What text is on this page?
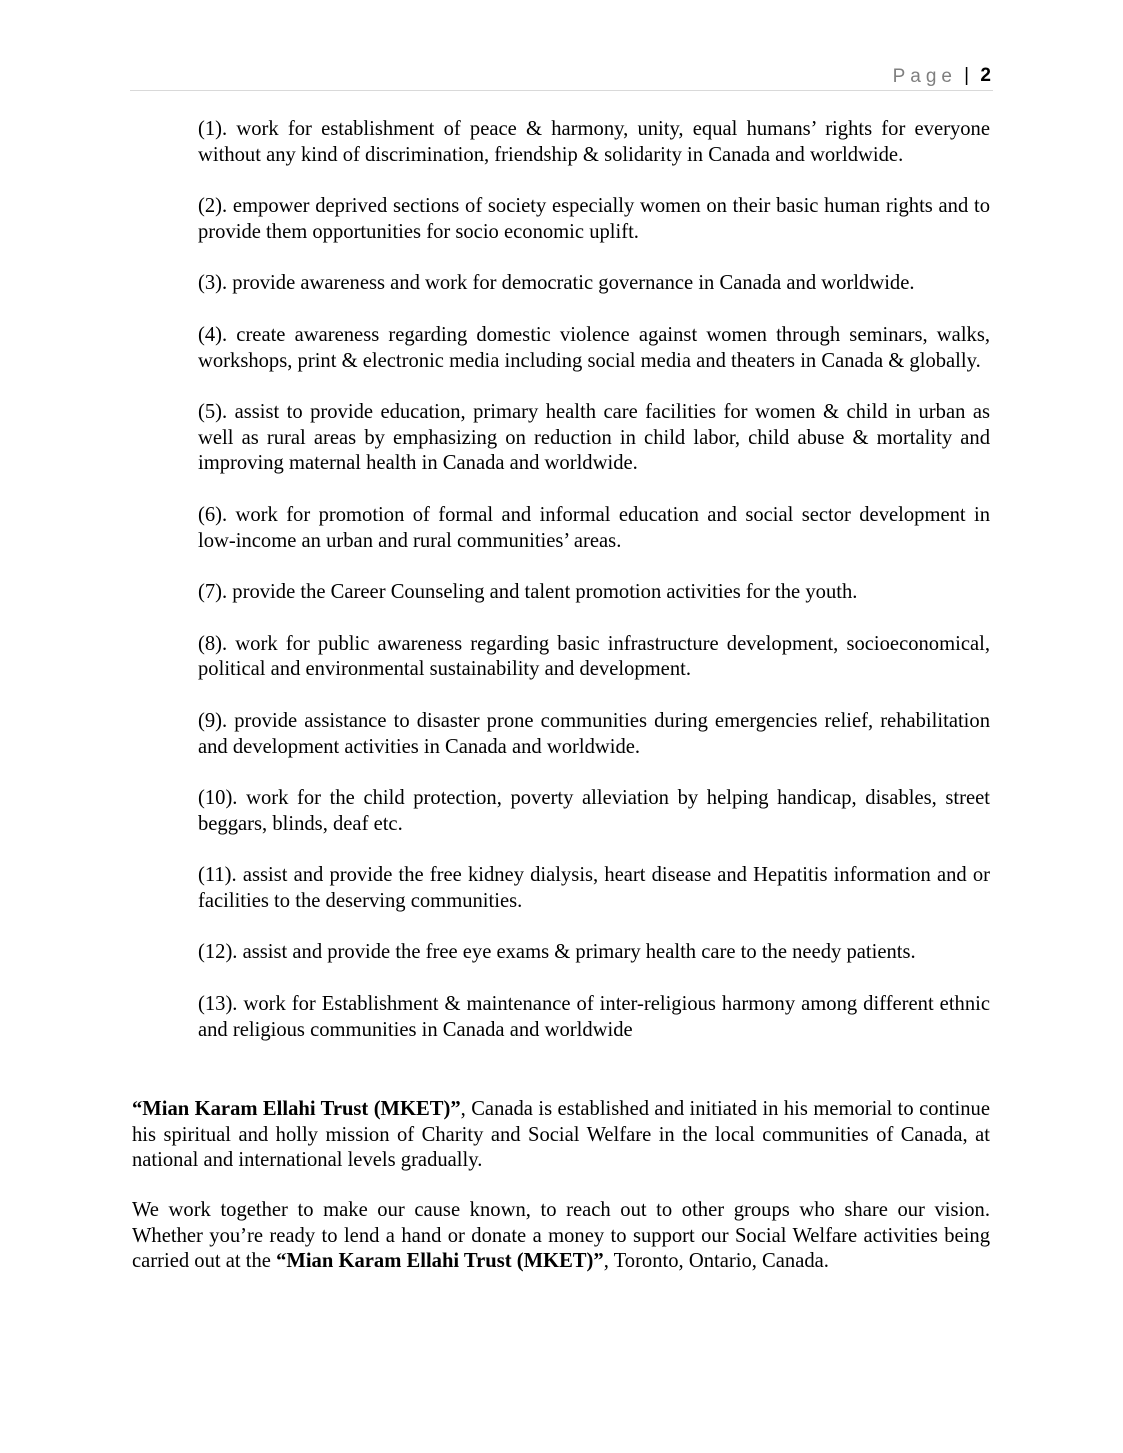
Page | 2

(1). work for establishment of peace & harmony, unity, equal humans’ rights for everyone without any kind of discrimination, friendship & solidarity in Canada and worldwide.

(2). empower deprived sections of society especially women on their basic human rights and to provide them opportunities for socio economic uplift.

(3). provide awareness and work for democratic governance in Canada and worldwide.

(4). create awareness regarding domestic violence against women through seminars, walks, workshops, print & electronic media including social media and theaters in Canada & globally.

(5). assist to provide education, primary health care facilities for women & child in urban as well as rural areas by emphasizing on reduction in child labor, child abuse & mortality and improving maternal health in Canada and worldwide.

(6). work for promotion of formal and informal education and social sector development in low-income an urban and rural communities’ areas.

(7). provide the Career Counseling and talent promotion activities for the youth.

(8). work for public awareness regarding basic infrastructure development, socioeconomical, political and environmental sustainability and development.

(9). provide assistance to disaster prone communities during emergencies relief, rehabilitation and development activities in Canada and worldwide.

(10). work for the child protection, poverty alleviation by helping handicap, disables, street beggars, blinds, deaf etc.

(11). assist and provide the free kidney dialysis, heart disease and Hepatitis information and or facilities to the deserving communities.

(12). assist and provide the free eye exams & primary health care to the needy patients.

(13). work for Establishment & maintenance of inter-religious harmony among different ethnic and religious communities in Canada and worldwide

“Mian Karam Ellahi Trust (MKET)”, Canada is established and initiated in his memorial to continue his spiritual and holly mission of Charity and Social Welfare in the local communities of Canada, at national and international levels gradually.

We work together to make our cause known, to reach out to other groups who share our vision. Whether you’re ready to lend a hand or donate a money to support our Social Welfare activities being carried out at the “Mian Karam Ellahi Trust (MKET)”, Toronto, Ontario, Canada.
